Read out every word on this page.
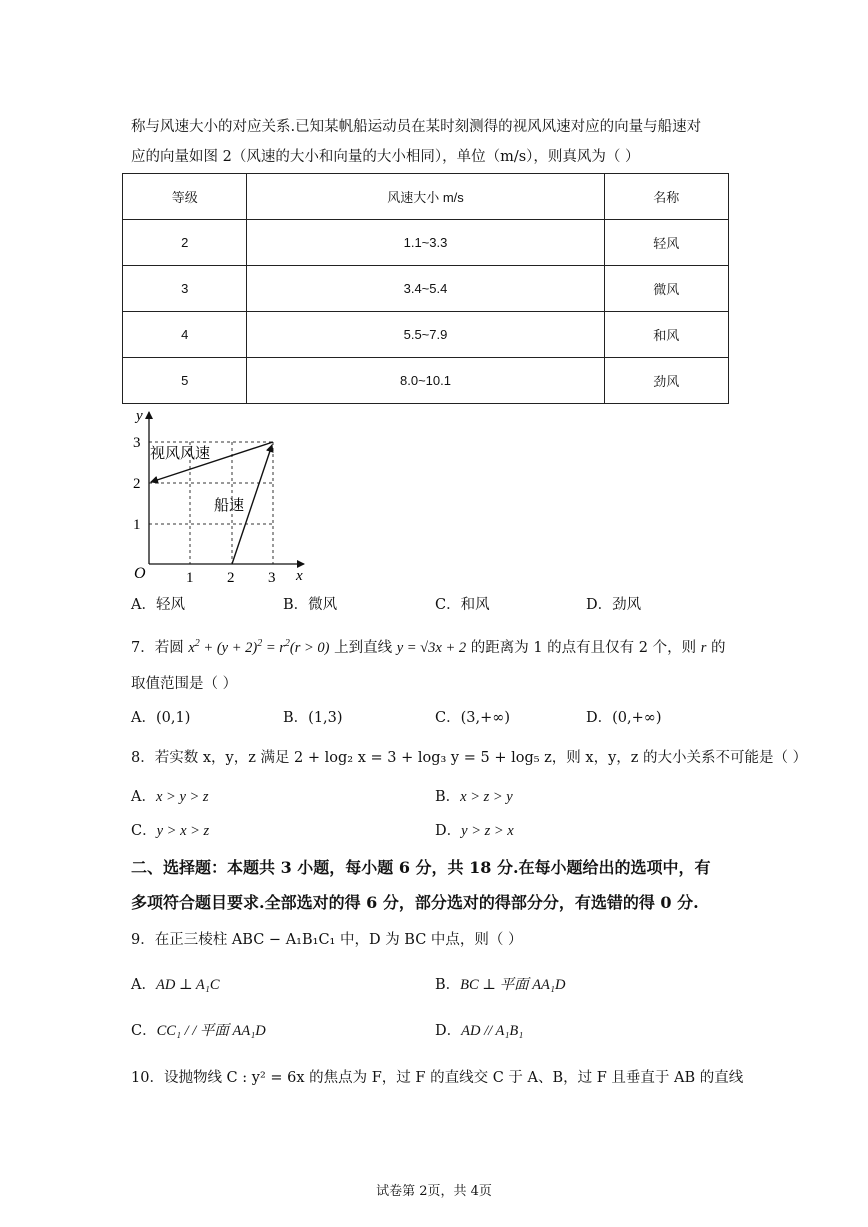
称与风速大小的对应关系.已知某帆船运动员在某时刻测得的视风风速对应的向量与船速对
应的向量如图 2（风速的大小和向量的大小相同），单位（m/s），则真风为（ ）
等级	风速大小 m/s	名称
2	1.1~3.3	轻风
3	3.4~5.4	微风
4	5.5~7.9	和风
5	8.0~10.1	劲风
y
x
O	1 2 3
1
2
3
视风风速
船速
A．轻风	B．微风	C．和风	D．劲风
7．若圆 $x^2 + (y + 2)^2 = r^2(r > 0)$ 上到直线 y = √3x + 2 的距离为 1 的点有且仅有 2 个，则 r 的
取值范围是（ ）
A．(0,1)	B．(1,3)	C．(3,+∞)	D．(0,+∞)
8．若实数 x，y，z 满足 2 + log₂ x = 3 + log₃ y = 5 + log₅ z，则 x，y，z 的大小关系不可能是（ ）
A．x > y > z	B．x > z > y
C．y > x > z	D．y > z > x
二、选择题：本题共 3 小题，每小题 6 分，共 18 分.在每小题给出的选项中，有
多项符合题目要求.全部选对的得 6 分，部分选对的得部分分，有选错的得 0 分.
9．在正三棱柱 ABC − A₁B₁C₁ 中，D 为 BC 中点，则（ ）
A．AD ⊥ A₁C	B．BC ⊥ 平面 AA₁D
C．CC₁ / / 平面 AA₁D	D．AD // A₁B₁
10．设抛物线 C : y² = 6x 的焦点为 F，过 F 的直线交 C 于 A、B，过 F 且垂直于 AB 的直线
试卷第 2页，共 4页
